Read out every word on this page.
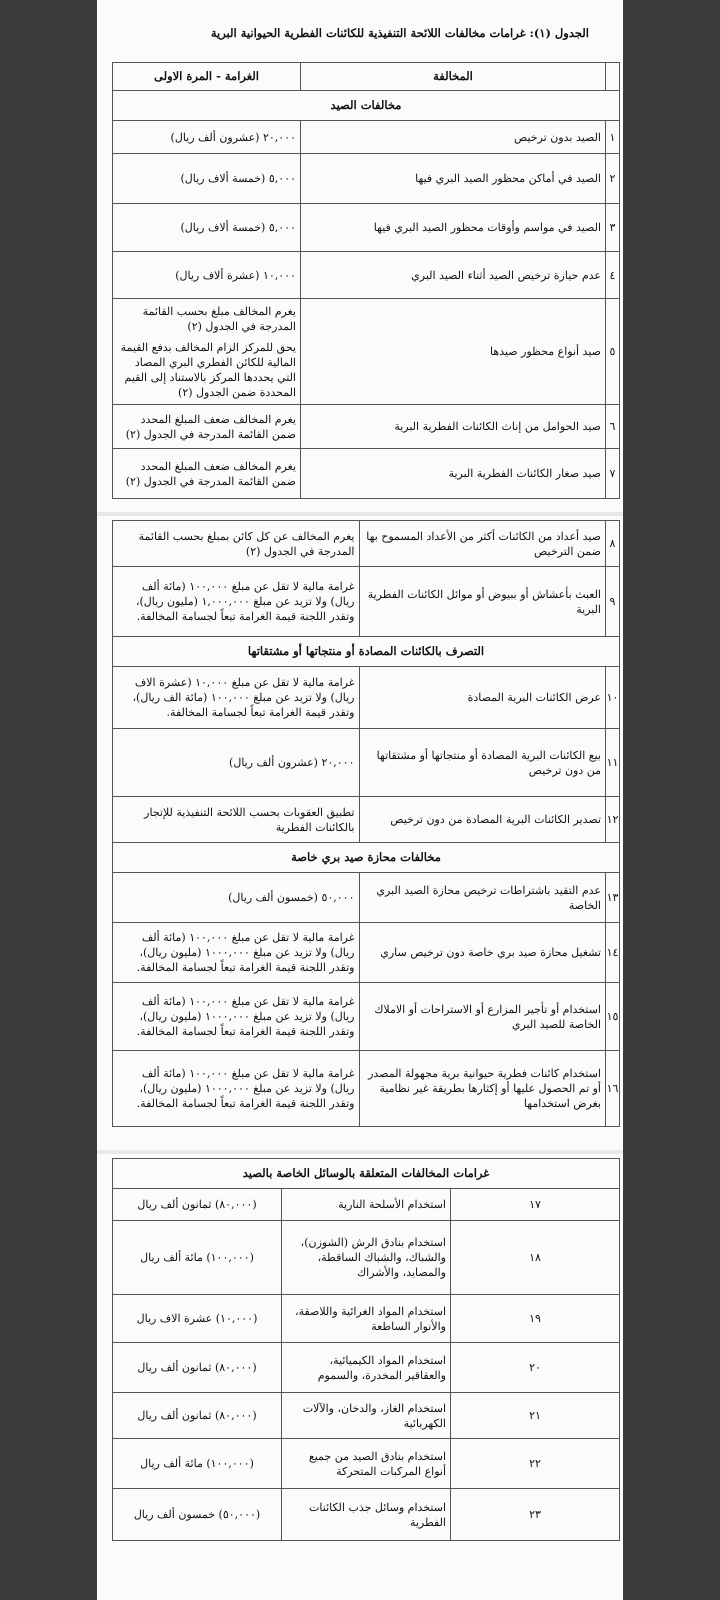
الجدول (١): غرامات مخالفات اللائحة التنفيذية للكائنات الفطرية الحيوانية البرية
	المخالفة	الغرامة - المرة الاولى
مخالفات الصيد		
١	الصيد بدون ترخيص	٢٠,٠٠٠ (عشرون ألف ريال)
٢	الصيد في أماكن محظور الصيد البري فيها	٥,٠٠٠ (خمسة ألاف ريال)
٣	الصيد في مواسم وأوقات محظور الصيد البري فيها	٥,٠٠٠ (خمسة ألاف ريال)
٤	عدم حيازة ترخيص الصيد أثناء الصيد البري	١٠,٠٠٠ (عشرة ألاف ريال)
٥	صيد أنواع محظور صيدها	يغرم المخالف مبلغ بحسب القائمة المدرجة في الجدول (٢)

يحق للمركز الزام المخالف بدفع القيمة المالية للكائن الفطري البري المصاد التي يحددها المركز بالاستناد إلى القيم المحددة ضمن الجدول (٢)

٦	صيد الحوامل من إناث الكائنات الفطرية البرية	يغرم المخالف ضعف المبلغ المحدد ضمن القائمة المدرجة في الجدول (٢)
٧	صيد صغار الكائنات الفطرية البرية	يغرم المخالف ضعف المبلغ المحدد ضمن القائمة المدرجة في الجدول (٢)
٨	صيد أعداد من الكائنات أكثر من الأعداد المسموح بها ضمن الترخيص	يغرم المخالف عن كل كائن بمبلغ بحسب القائمة المدرجة في الجدول (٢)
٩	العبث بأعشاش أو ببيوض أو موائل الكائنات الفطرية البرية	غرامة مالية لا تقل عن مبلغ ١٠٠,٠٠٠ (مائة ألف ريال) ولا تزيد عن مبلغ ١,٠٠٠,٠٠٠ (مليون ريال)، وتقدر اللجنة قيمة الغرامة تبعاً لجسامة المخالفة.
التصرف بالكائنات المصادة أو منتجاتها أو مشتقاتها		
١٠	عرض الكائنات البرية المصادة	غرامة مالية لا تقل عن مبلغ ١٠,٠٠٠ (عشرة الاف ريال) ولا تزيد عن مبلغ ١٠٠,٠٠٠ (مائة الف ريال)، وتقدر قيمة الغرامة تبعاً لجسامة المخالفة.
١١	بيع الكائنات البرية المصادة أو منتجاتها أو مشتقاتها من دون ترخيص	٢٠,٠٠٠ (عشرون ألف ريال)
١٢	تصدير الكائنات البرية المصادة من دون ترخيص	تطبيق العقوبات بحسب اللائحة التنفيذية للإتجار بالكائنات الفطرية
مخالفات محازة صيد بري خاصة		
١٣	عدم التقيد باشتراطات ترخيص محازة الصيد البري الخاصة	٥٠,٠٠٠ (خمسون ألف ريال)
١٤	تشغيل محازة صيد بري خاصة دون ترخيص ساري	غرامة مالية لا تقل عن مبلغ ١٠٠,٠٠٠ (مائة ألف ريال) ولا تزيد عن مبلغ ١٠٠٠,٠٠٠ (مليون ريال)، وتقدر اللجنة قيمة الغرامة تبعاً لجسامة المخالفة.
١٥	استخدام أو تأجير المزارع أو الاستراحات أو الاملاك الخاصة للصيد البري	غرامة مالية لا تقل عن مبلغ ١٠٠,٠٠٠ (مائة ألف ريال) ولا تزيد عن مبلغ ١٠٠٠,٠٠٠ (مليون ريال)، وتقدر اللجنة قيمة الغرامة تبعاً لجسامة المخالفة.
١٦	استخدام كائنات فطرية حيوانية برية مجهولة المصدر أو تم الحصول عليها أو إكثارها بطريقة غير نظامية بغرض استخدامها	غرامة مالية لا تقل عن مبلغ ١٠٠,٠٠٠ (مائة ألف ريال) ولا تزيد عن مبلغ ١٠٠٠,٠٠٠ (مليون ريال)، وتقدر اللجنة قيمة الغرامة تبعاً لجسامة المخالفة.
غرامات المخالفات المتعلقة بالوسائل الخاصة بالصيد		
١٧	استخدام الأسلحة النارية	(٨٠,٠٠٠) ثمانون ألف ريال
١٨	استخدام بنادق الرش (الشوزن)، والشباك، والشباك الساقطة، والمصايد، والأشراك	(١٠٠,٠٠٠) مائة ألف ريال
١٩	استخدام المواد الغرائية واللاصقة، والأنوار الساطعة	(١٠,٠٠٠) عشرة الاف ريال
٢٠	استخدام المواد الكيميائية، والعقاقير المخدرة، والسموم	(٨٠,٠٠٠) ثمانون ألف ريال
٢١	استخدام الغاز، والدخان، والآلات الكهربائية	(٨٠,٠٠٠) ثمانون ألف ريال
٢٢	استخدام بنادق الصيد من جميع أنواع المركبات المتحركة	(١٠٠,٠٠٠) مائة ألف ريال
٢٣	استخدام وسائل جذب الكائنات الفطرية	(٥٠,٠٠٠) خمسون ألف ريال
